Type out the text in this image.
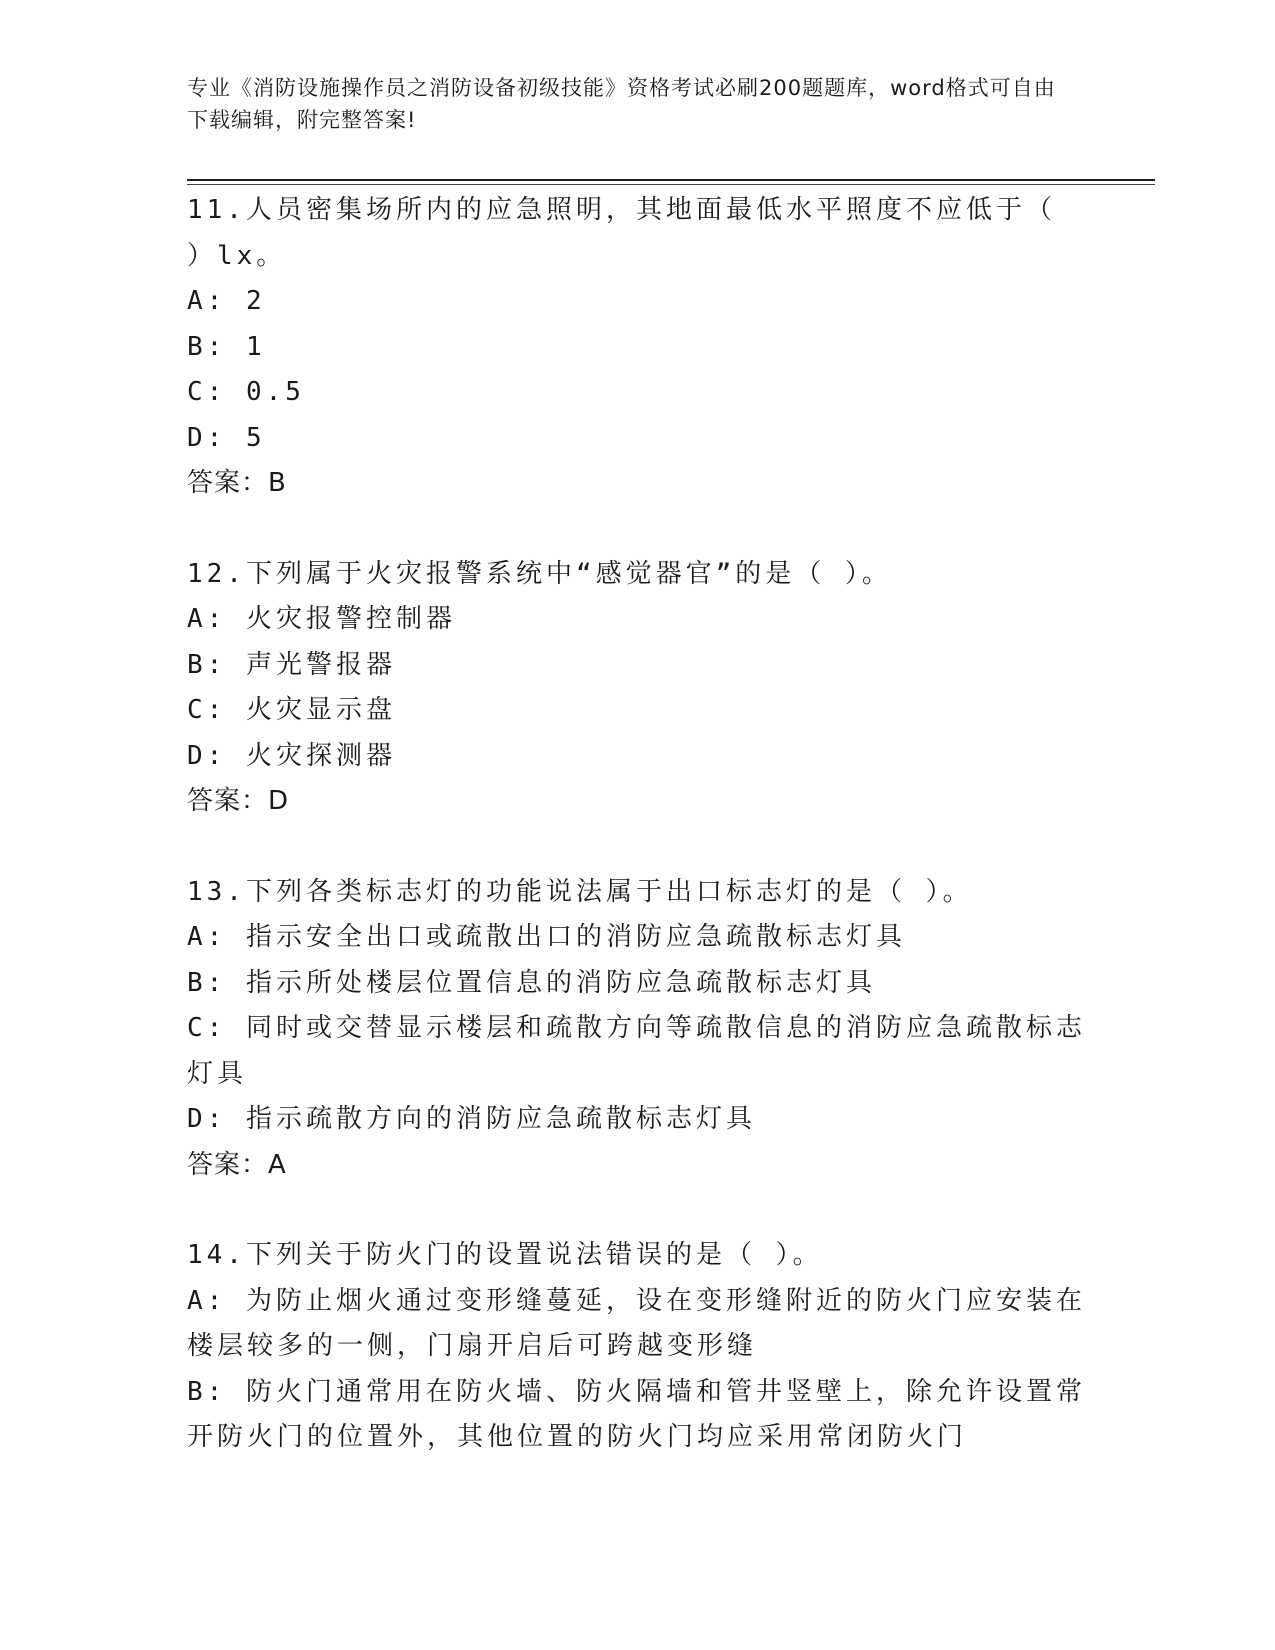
专业《消防设施操作员之消防设备初级技能》资格考试必刷200题题库，word格式可自由下载编辑，附完整答案!

11.人员密集场所内的应急照明，其地面最低水平照度不应低于（ ）lx。

A: 2

B: 1

C: 0.5

D: 5

答案：B

12.下列属于火灾报警系统中“感觉器官”的是（ ）。

A: 火灾报警控制器

B: 声光警报器

C: 火灾显示盘

D: 火灾探测器

答案：D

13.下列各类标志灯的功能说法属于出口标志灯的是（ ）。

A: 指示安全出口或疏散出口的消防应急疏散标志灯具

B: 指示所处楼层位置信息的消防应急疏散标志灯具

C: 同时或交替显示楼层和疏散方向等疏散信息的消防应急疏散标志灯具

D: 指示疏散方向的消防应急疏散标志灯具

答案：A

14.下列关于防火门的设置说法错误的是（ ）。

A: 为防止烟火通过变形缝蔓延，设在变形缝附近的防火门应安装在楼层较多的一侧，门扇开启后可跨越变形缝

B: 防火门通常用在防火墙、防火隔墙和管井竖壁上，除允许设置常开防火门的位置外，其他位置的防火门均应采用常闭防火门
